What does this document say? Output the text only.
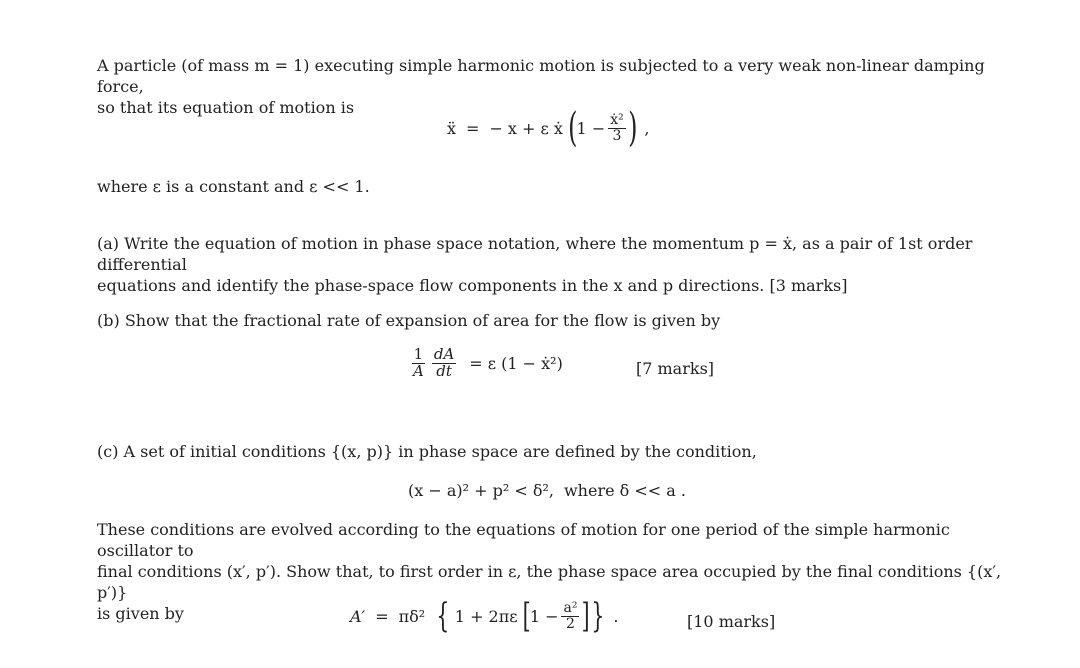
A particle (of mass m = 1) executing simple harmonic motion is subjected to a very weak non-linear damping force,
so that its equation of motion is

ẍ = − x + ε ẋ ( $1 - \frac{\text{ẋ²}}{3}$ ) ,

where ε is a constant and ε << 1.

(a) Write the equation of motion in phase space notation, where the momentum p = ẋ, as a pair of 1st order differential
equations and identify the phase-space flow components in the x and p directions. [3 marks]

(b) Show that the fractional rate of expansion of area for the flow is given by

$\frac{1}{A} \frac{dA}{dt} = \varepsilon$ (1 − ẋ²)	[7 marks]

(c) A set of initial conditions {(x, p)} in phase space are defined by the condition,

(x − a)² + p² < δ², where δ << a .

These conditions are evolved according to the equations of motion for one period of the simple harmonic oscillator to
final conditions (x′, p′). Show that, to first order in ε, the phase space area occupied by the final conditions {(x′, p′)}
is given by	A′ = πδ² { 1 + 2πε [ $1 - \frac{\text{a²}}{2}$ ] } .	[10 marks]
